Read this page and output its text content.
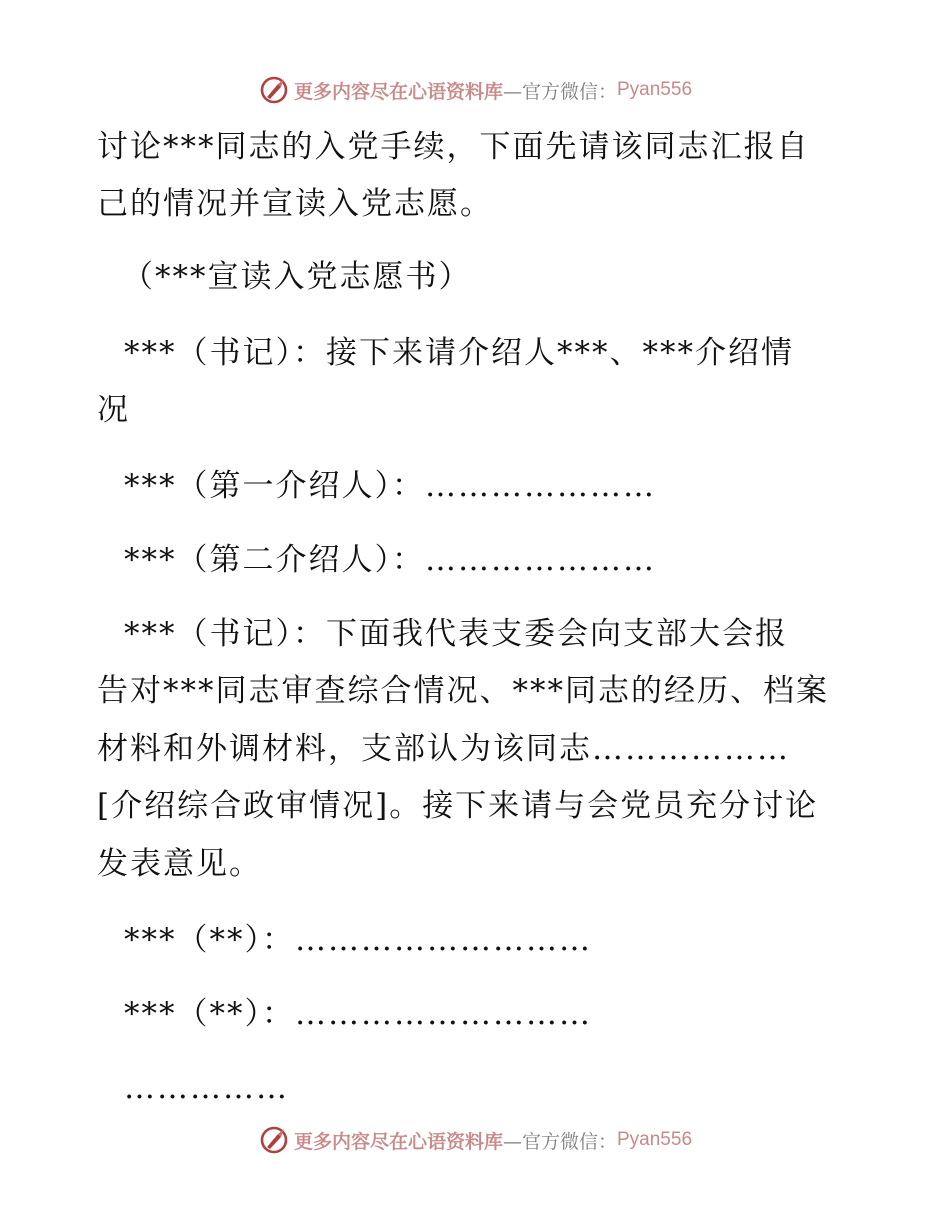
更多内容尽在心语资料库 —官方微信： Pyan556

讨论***同志的入党手续，下面先请该同志汇报自

己的情况并宣读入党志愿。

（***宣读入党志愿书）

***（书记）：接下来请介绍人***、***介绍情

况

***（第一介绍人）：…………………

***（第二介绍人）：…………………

***（书记）：下面我代表支委会向支部大会报

告对***同志审查综合情况、***同志的经历、档案

材料和外调材料，支部认为该同志………………

[介绍综合政审情况]。接下来请与会党员充分讨论

发表意见。

***（**）：………………………

***（**）：………………………

……………

更多内容尽在心语资料库 —官方微信： Pyan556
